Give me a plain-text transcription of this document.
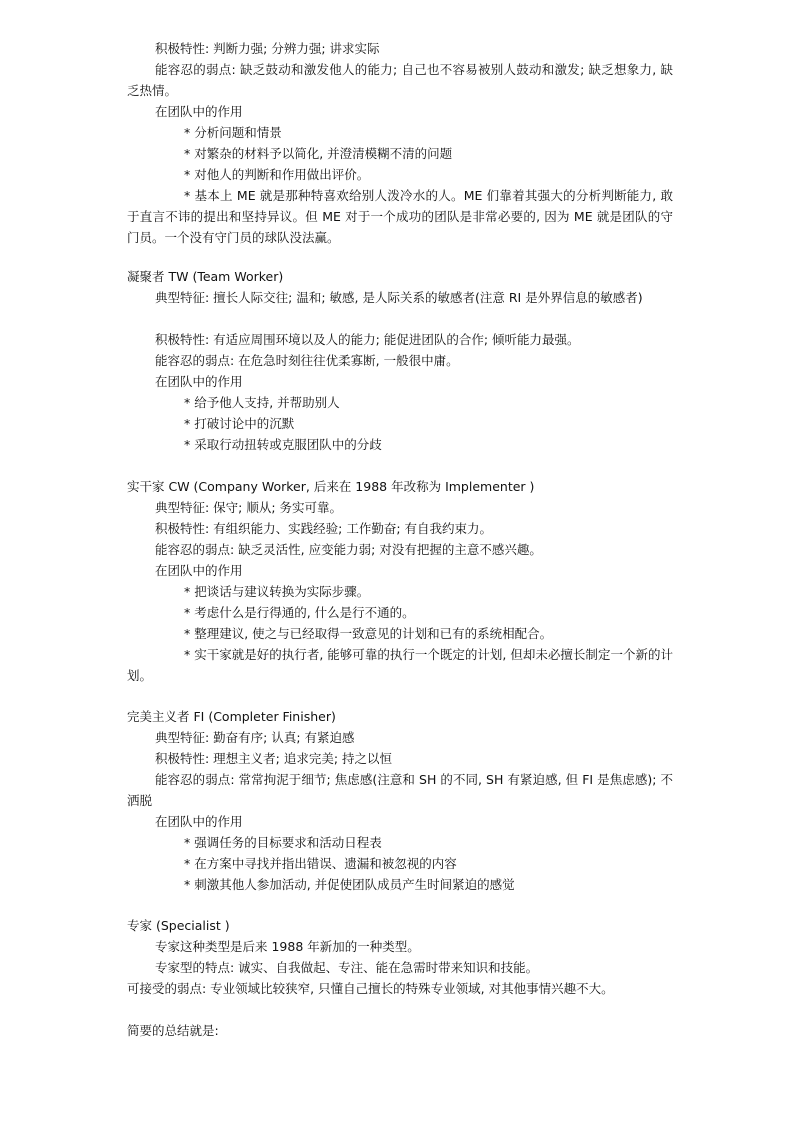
积极特性: 判断力强; 分辨力强; 讲求实际
能容忍的弱点: 缺乏鼓动和激发他人的能力; 自己也不容易被别人鼓动和激发; 缺乏想象力, 缺乏热情。
在团队中的作用
* 分析问题和情景
* 对繁杂的材料予以简化, 并澄清模糊不清的问题
* 对他人的判断和作用做出评价。
* 基本上 ME 就是那种特喜欢给别人泼冷水的人。ME 们靠着其强大的分析判断能力, 敢于直言不讳的提出和坚持异议。但 ME 对于一个成功的团队是非常必要的, 因为 ME 就是团队的守门员。一个没有守门员的球队没法赢。
凝聚者 TW (Team Worker)
典型特征: 擅长人际交往; 温和; 敏感, 是人际关系的敏感者(注意 RI 是外界信息的敏感者)
积极特性: 有适应周围环境以及人的能力; 能促进团队的合作; 倾听能力最强。
能容忍的弱点: 在危急时刻往往优柔寡断, 一般很中庸。
在团队中的作用
* 给予他人支持, 并帮助别人
* 打破讨论中的沉默
* 采取行动扭转或克服团队中的分歧
实干家 CW (Company Worker, 后来在 1988 年改称为 Implementer )
典型特征: 保守; 顺从; 务实可靠。
积极特性: 有组织能力、实践经验; 工作勤奋; 有自我约束力。
能容忍的弱点: 缺乏灵活性, 应变能力弱; 对没有把握的主意不感兴趣。
在团队中的作用
* 把谈话与建议转换为实际步骤。
* 考虑什么是行得通的, 什么是行不通的。
* 整理建议, 使之与已经取得一致意见的计划和已有的系统相配合。
* 实干家就是好的执行者, 能够可靠的执行一个既定的计划, 但却未必擅长制定一个新的计划。
完美主义者 FI (Completer Finisher)
典型特征: 勤奋有序; 认真; 有紧迫感
积极特性: 理想主义者; 追求完美; 持之以恒
能容忍的弱点: 常常拘泥于细节; 焦虑感(注意和 SH 的不同, SH 有紧迫感, 但 FI 是焦虑感); 不洒脱
在团队中的作用
* 强调任务的目标要求和活动日程表
* 在方案中寻找并指出错误、遗漏和被忽视的内容
* 刺激其他人参加活动, 并促使团队成员产生时间紧迫的感觉
专家 (Specialist )
专家这种类型是后来 1988 年新加的一种类型。
专家型的特点: 诚实、自我做起、专注、能在急需时带来知识和技能。
可接受的弱点: 专业领域比较狭窄, 只懂自己擅长的特殊专业领域, 对其他事情兴趣不大。
简要的总结就是:
